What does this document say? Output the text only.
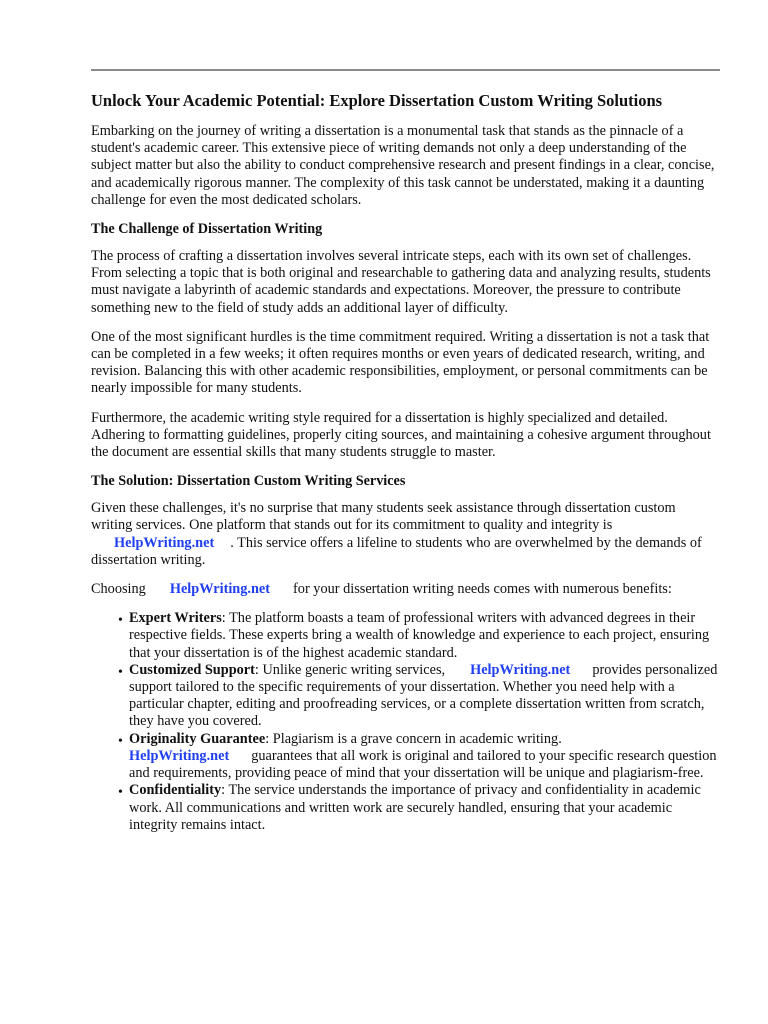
Unlock Your Academic Potential: Explore Dissertation Custom Writing Solutions

Embarking on the journey of writing a dissertation is a monumental task that stands as the pinnacle of a student's academic career. This extensive piece of writing demands not only a deep understanding of the subject matter but also the ability to conduct comprehensive research and present findings in a clear, concise, and academically rigorous manner. The complexity of this task cannot be understated, making it a daunting challenge for even the most dedicated scholars.

The Challenge of Dissertation Writing

The process of crafting a dissertation involves several intricate steps, each with its own set of challenges. From selecting a topic that is both original and researchable to gathering data and analyzing results, students must navigate a labyrinth of academic standards and expectations. Moreover, the pressure to contribute something new to the field of study adds an additional layer of difficulty.

One of the most significant hurdles is the time commitment required. Writing a dissertation is not a task that can be completed in a few weeks; it often requires months or even years of dedicated research, writing, and revision. Balancing this with other academic responsibilities, employment, or personal commitments can be nearly impossible for many students.

Furthermore, the academic writing style required for a dissertation is highly specialized and detailed. Adhering to formatting guidelines, properly citing sources, and maintaining a cohesive argument throughout the document are essential skills that many students struggle to master.

The Solution: Dissertation Custom Writing Services

Given these challenges, it's no surprise that many students seek assistance through dissertation custom writing services. One platform that stands out for its commitment to quality and integrity is
HelpWriting.net . This service offers a lifeline to students who are overwhelmed by the demands of dissertation writing.

Choosing HelpWriting.net for your dissertation writing needs comes with numerous benefits:

• Expert Writers: The platform boasts a team of professional writers with advanced degrees in their respective fields. These experts bring a wealth of knowledge and experience to each project, ensuring that your dissertation is of the highest academic standard.
• Customized Support: Unlike generic writing services, HelpWriting.net provides personalized support tailored to the specific requirements of your dissertation. Whether you need help with a particular chapter, editing and proofreading services, or a complete dissertation written from scratch, they have you covered.
• Originality Guarantee: Plagiarism is a grave concern in academic writing.
HelpWriting.net guarantees that all work is original and tailored to your specific research question and requirements, providing peace of mind that your dissertation will be unique and plagiarism-free.
• Confidentiality: The service understands the importance of privacy and confidentiality in academic work. All communications and written work are securely handled, ensuring that your academic integrity remains intact.
